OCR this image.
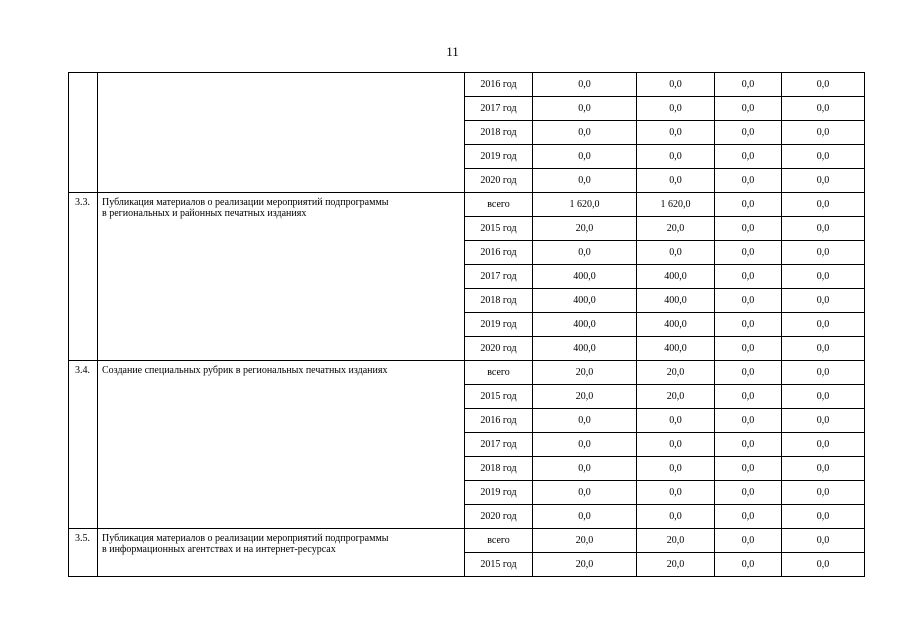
11
		2016 год	0,0	0,0	0,0	0,0
		2017 год	0,0	0,0	0,0	0,0
		2018 год	0,0	0,0	0,0	0,0
		2019 год	0,0	0,0	0,0	0,0
		2020 год	0,0	0,0	0,0	0,0
3.3.	Публикация материалов о реализации мероприятий подпрограммы
в региональных и районных печатных изданиях	всего	1 620,0	1 620,0	0,0	0,0
		2015 год	20,0	20,0	0,0	0,0
		2016 год	0,0	0,0	0,0	0,0
		2017 год	400,0	400,0	0,0	0,0
		2018 год	400,0	400,0	0,0	0,0
		2019 год	400,0	400,0	0,0	0,0
		2020 год	400,0	400,0	0,0	0,0
3.4.	Создание специальных рубрик в региональных печатных изданиях	всего	20,0	20,0	0,0	0,0
		2015 год	20,0	20,0	0,0	0,0
		2016 год	0,0	0,0	0,0	0,0
		2017 год	0,0	0,0	0,0	0,0
		2018 год	0,0	0,0	0,0	0,0
		2019 год	0,0	0,0	0,0	0,0
		2020 год	0,0	0,0	0,0	0,0
3.5.	Публикация материалов о реализации мероприятий подпрограммы
в информационных агентствах и на интернет-ресурсах	всего	20,0	20,0	0,0	0,0
		2015 год	20,0	20,0	0,0	0,0
